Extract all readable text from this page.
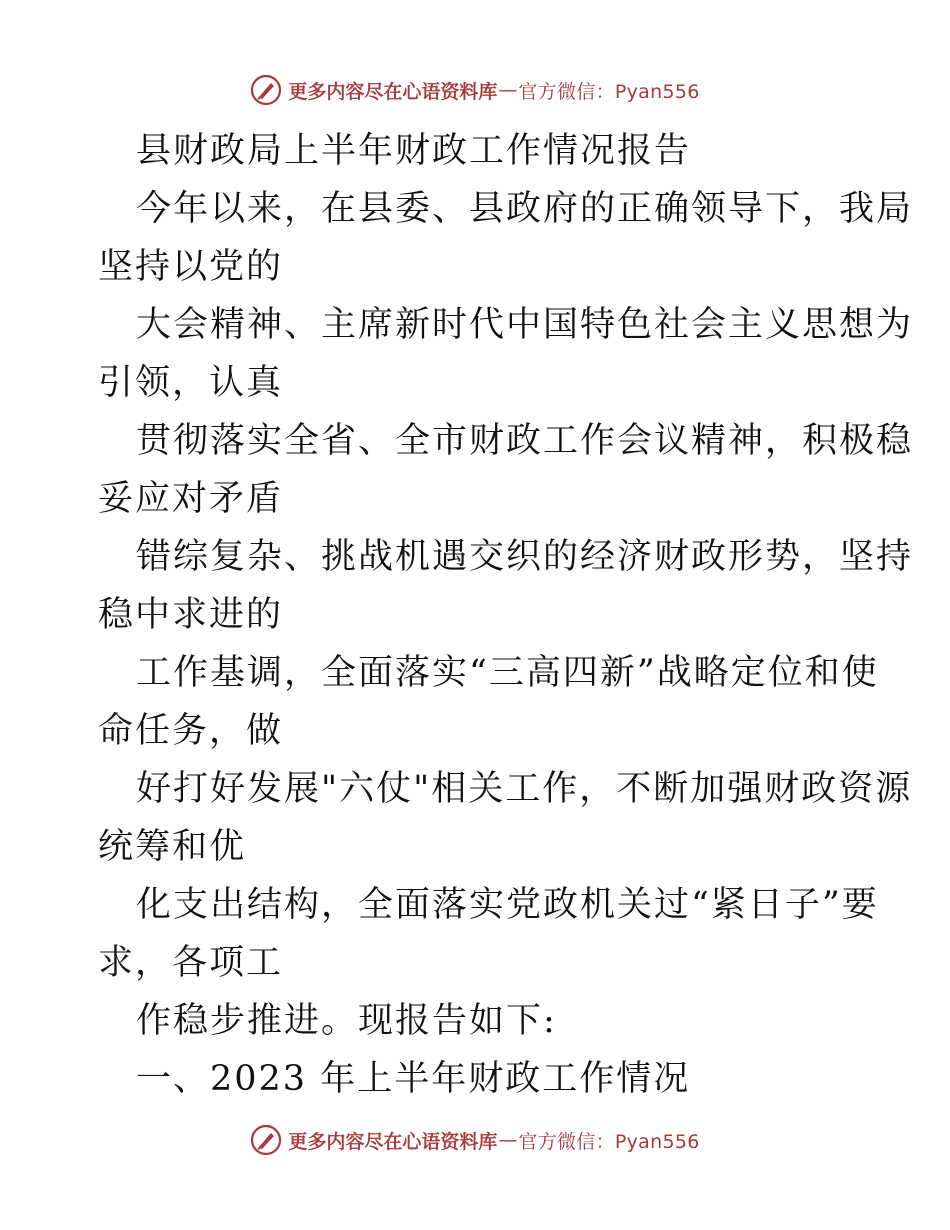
更多内容尽在心语资料库 — 官方微信：Pyan556
县财政局上半年财政工作情况报告
今年以来，在县委、县政府的正确领导下，我局
坚持以党的
大会精神、主席新时代中国特色社会主义思想为
引领，认真
贯彻落实全省、全市财政工作会议精神，积极稳
妥应对矛盾
错综复杂、挑战机遇交织的经济财政形势，坚持
稳中求进的
工作基调，全面落实“三高四新”战略定位和使
命任务，做
好打好发展"六仗"相关工作，不断加强财政资源
统筹和优
化支出结构，全面落实党政机关过“紧日子”要
求，各项工
作稳步推进。现报告如下:
一、2023 年上半年财政工作情况
更多内容尽在心语资料库 — 官方微信：Pyan556
